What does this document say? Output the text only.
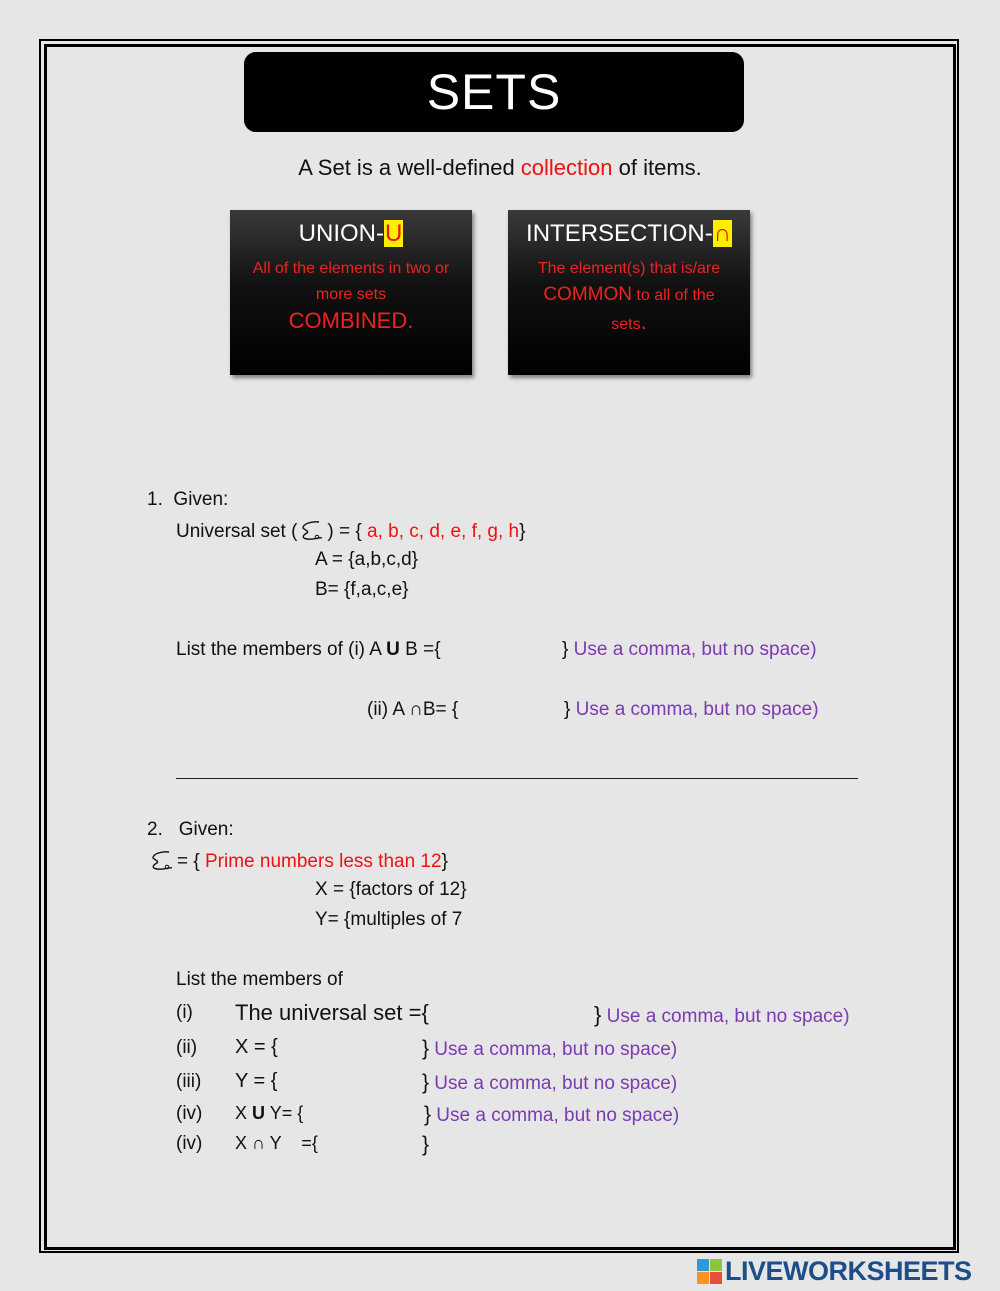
SETS
A Set is a well-defined collection of items.
UNION-U
All of the elements in two or more sets
COMBINED.
INTERSECTION-∩
The element(s) that is/are
COMMON to all of the
sets.
1. Given:
Universal set ( ) = { a, b, c, d, e, f, g, h}
A = {a,b,c,d}
B= {f,a,c,e}
List the members of (i) A U B ={	} Use a comma, but no space)
(ii) A ∩B= {	} Use a comma, but no space)
2. Given:
= { Prime numbers less than 12}
X = {factors of 12}
Y= {multiples of 7
List the members of
(i) The universal set ={	} Use a comma, but no space)
(ii) X = {	} Use a comma, but no space)
(iii) Y = {	} Use a comma, but no space)
(iv) X U Y= {	} Use a comma, but no space)
(iv) X ∩ Y    ={	}
LIVEWORKSHEETS
